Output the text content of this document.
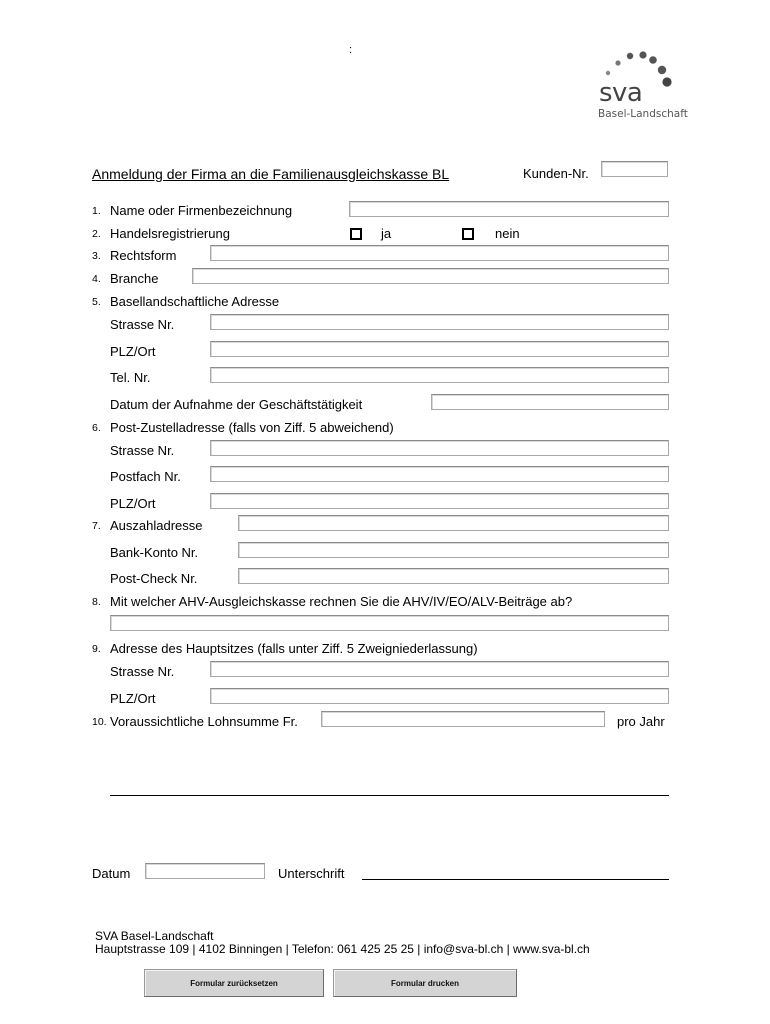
:
sva
Basel-Landschaft
Anmeldung der Firma an die Familienausgleichskasse BL	Kunden-Nr.
1. Name oder Firmenbezeichnung
2. Handelsregistrierung	ja	nein
3. Rechtsform
4. Branche
5. Basellandschaftliche Adresse
Strasse Nr.
PLZ/Ort
Tel. Nr.
Datum der Aufnahme der Geschäftstätigkeit
6. Post-Zustelladresse (falls von Ziff. 5 abweichend)
Strasse Nr.
Postfach Nr.
PLZ/Ort
7. Auszahladresse
Bank-Konto Nr.
Post-Check Nr.
8. Mit welcher AHV-Ausgleichskasse rechnen Sie die AHV/IV/EO/ALV-Beiträge ab?
9. Adresse des Hauptsitzes (falls unter Ziff. 5 Zweigniederlassung)
Strasse Nr.
PLZ/Ort
10. Voraussichtliche Lohnsumme Fr.	pro Jahr
Datum	Unterschrift
SVA Basel-Landschaft
Hauptstrasse 109 | 4102 Binningen | Telefon: 061 425 25 25 | info@sva-bl.ch | www.sva-bl.ch
Formular zurücksetzen	Formular drucken
